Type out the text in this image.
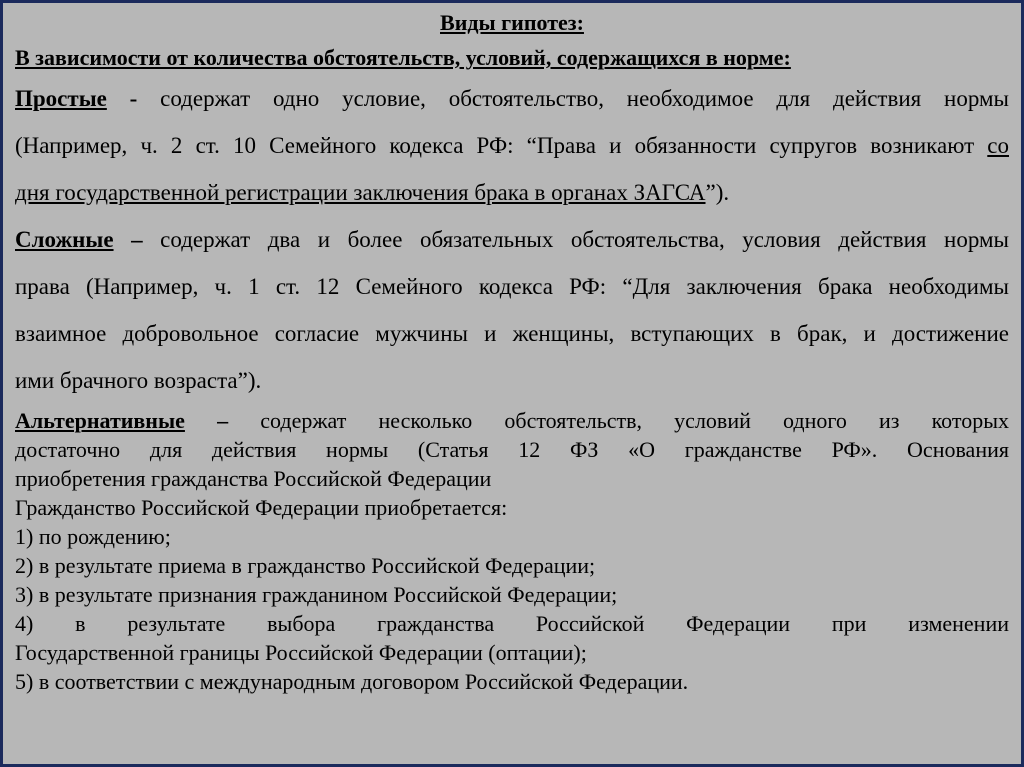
Виды гипотез:
В зависимости от количества обстоятельств, условий, содержащихся в норме:
Простые - содержат одно условие, обстоятельство, необходимое для действия нормы
(Например, ч. 2 ст. 10 Семейного кодекса РФ: “Права и обязанности супругов возникают со
дня государственной регистрации заключения брака в органах ЗАГСА”).
Сложные – содержат два и более обязательных обстоятельства, условия действия нормы
права (Например, ч. 1 ст. 12 Семейного кодекса РФ: “Для заключения брака необходимы
взаимное добровольное согласие мужчины и женщины, вступающих в брак, и достижение
ими брачного возраста”).
Альтернативные – содержат несколько обстоятельств, условий одного из которых
достаточно для действия нормы (Статья 12 ФЗ «О гражданстве РФ». Основания
приобретения гражданства Российской Федерации
Гражданство Российской Федерации приобретается:
1) по рождению;
2) в результате приема в гражданство Российской Федерации;
3) в результате признания гражданином Российской Федерации;
4) в результате выбора гражданства Российской Федерации при изменении
Государственной границы Российской Федерации (оптации);
5) в соответствии с международным договором Российской Федерации.
